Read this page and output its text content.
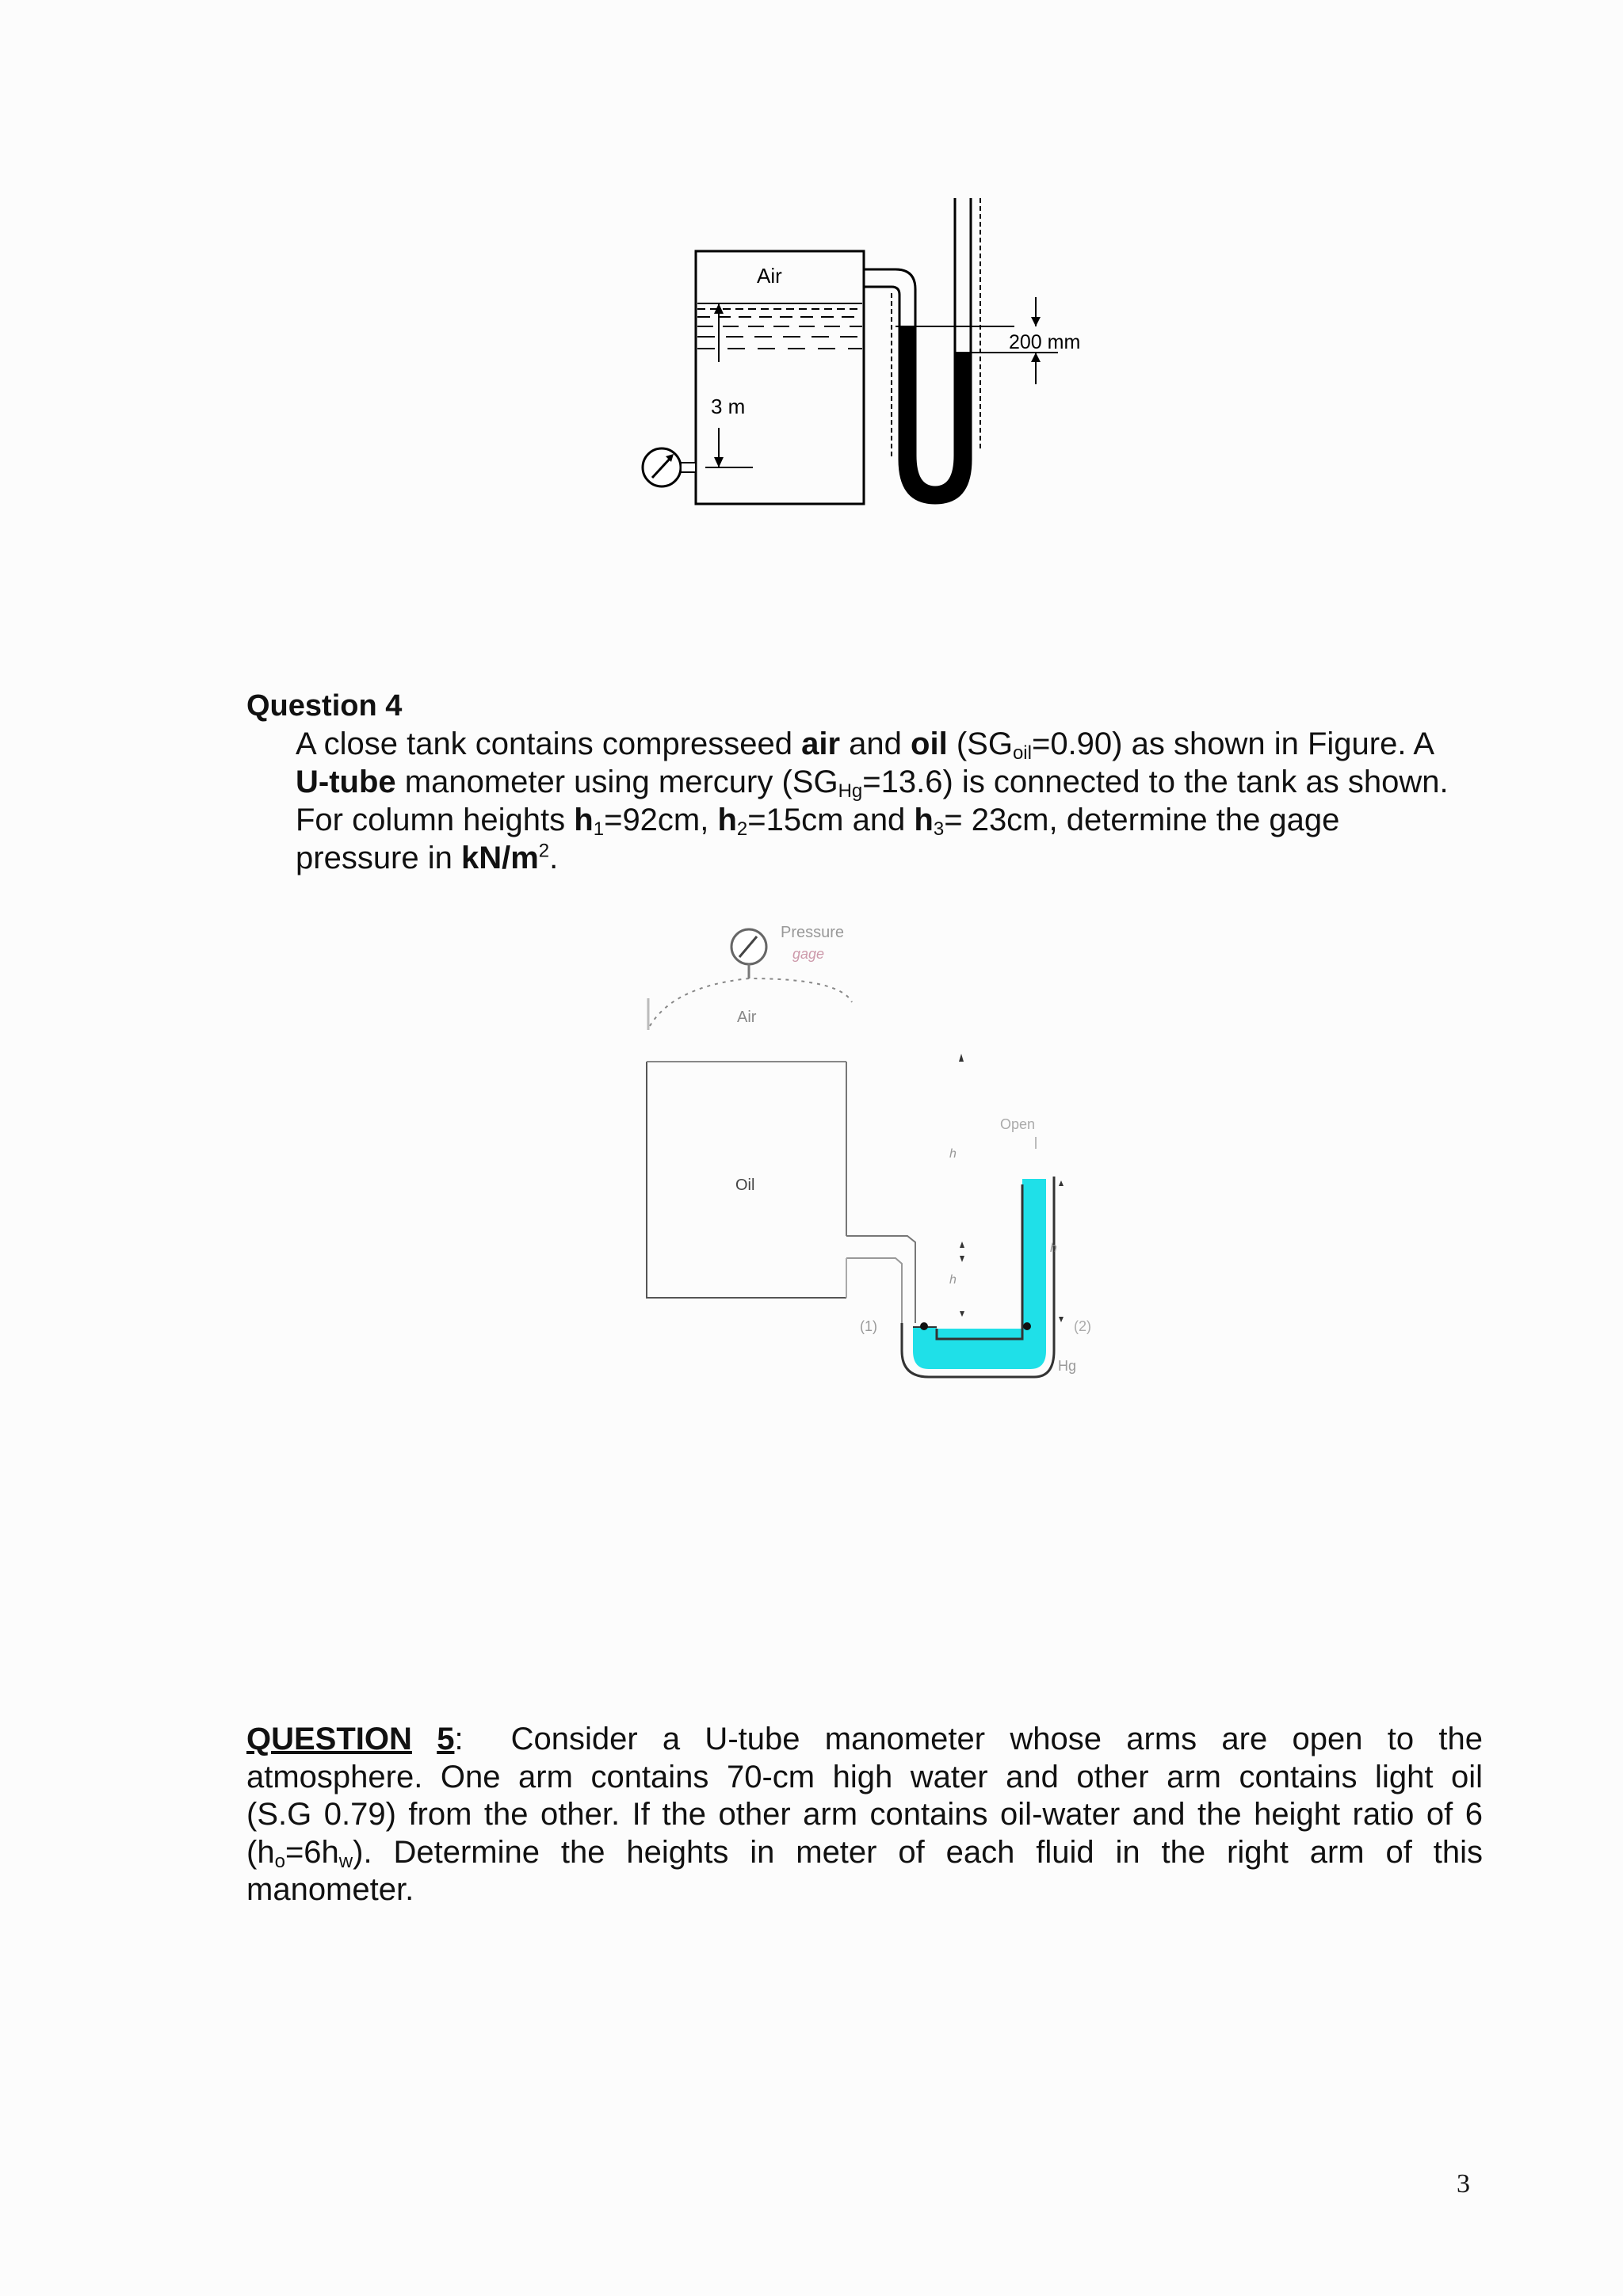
Air
3 m
200 mm
Question 4

A close tank contains compresseed air and oil $(SG_{oil}=0.90)$ as shown in Figure. A

U-tube manometer using mercury $(SG_{Hg}=13.6)$ is connected to the tank as shown.

For column heights $h_1=92cm$, $h_2=15cm$ and $h_3= 23cm$, determine the gage

pressure in $kN/m^2$.

Pressure
gage
Air
Oil
(1)	(2)
Hg
h
h
Open
h

QUESTION 5: Consider a U-tube manometer whose arms are open to the

atmosphere. One arm contains 70-cm high water and other arm contains light oil

(S.G 0.79) from the other. If the other arm contains oil-water and the height ratio of 6

$(h_o=6h_w)$. Determine the heights in meter of each fluid in the right arm of this

manometer.

3
